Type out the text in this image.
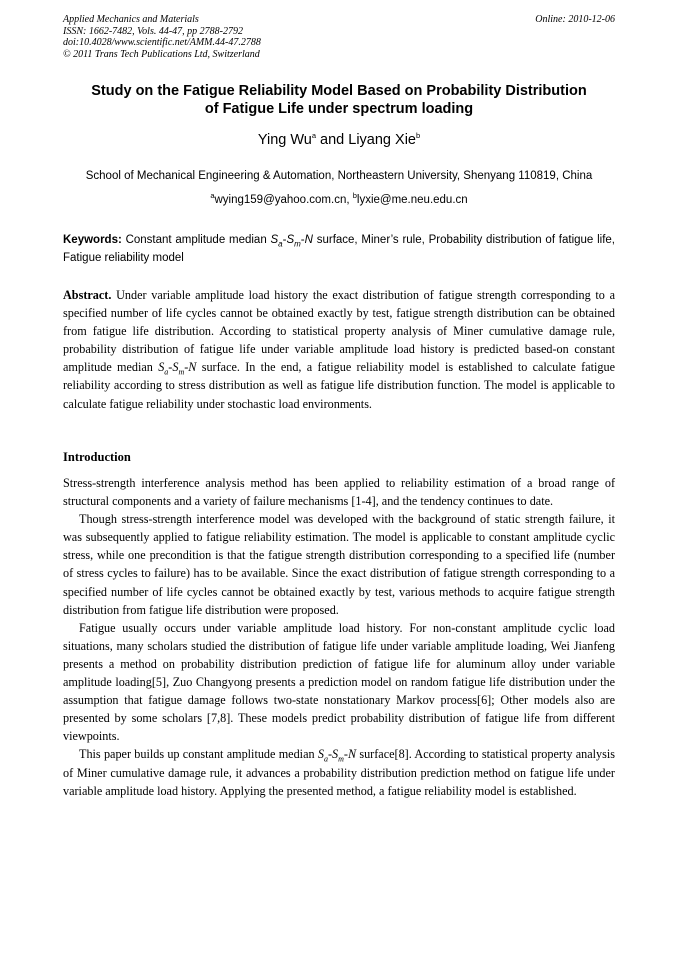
Online: 2010-12-06
Applied Mechanics and Materials
ISSN: 1662-7482, Vols. 44-47, pp 2788-2792
doi:10.4028/www.scientific.net/AMM.44-47.2788
© 2011 Trans Tech Publications Ltd, Switzerland
Study on the Fatigue Reliability Model Based on Probability Distribution
of Fatigue Life under spectrum loading
Ying Wu$^a$ and Liyang Xie$^b$
School of Mechanical Engineering & Automation, Northeastern University, Shenyang 110819, China
$^a$wying159@yahoo.com.cn, $^b$lyxie@me.neu.edu.cn
Keywords: Constant amplitude median $S_a-S_m-N$ surface, Miner’s rule, Probability distribution of fatigue life, Fatigue reliability model
Abstract. Under variable amplitude load history the exact distribution of fatigue strength corresponding to a specified number of life cycles cannot be obtained exactly by test, fatigue strength distribution can be obtained from fatigue life distribution. According to statistical property analysis of Miner cumulative damage rule, probability distribution of fatigue life under variable amplitude load history is predicted based-on constant amplitude median $S_a-S_m-N$ surface. In the end, a fatigue reliability model is established to calculate fatigue reliability according to stress distribution as well as fatigue life distribution function. The model is applicable to calculate fatigue reliability under stochastic load environments.
Introduction

Stress-strength interference analysis method has been applied to reliability estimation of a broad range of structural components and a variety of failure mechanisms [1-4], and the tendency continues to date.

Though stress-strength interference model was developed with the background of static strength failure, it was subsequently applied to fatigue reliability estimation. The model is applicable to constant amplitude cyclic stress, while one precondition is that the fatigue strength distribution corresponding to a specified life (number of stress cycles to failure) has to be available. Since the exact distribution of fatigue strength corresponding to a specified number of life cycles cannot be obtained exactly by test, various methods to acquire fatigue strength distribution from fatigue life distribution were proposed.

Fatigue usually occurs under variable amplitude load history. For non-constant amplitude cyclic load situations, many scholars studied the distribution of fatigue life under variable amplitude loading, Wei Jianfeng presents a method on probability distribution prediction of fatigue life for aluminum alloy under variable amplitude loading[5], Zuo Changyong presents a prediction model on random fatigue life distribution under the assumption that fatigue damage follows two-state nonstationary Markov process[6]; Other models also are presented by some scholars [7,8]. These models predict probability distribution of fatigue life from different viewpoints.

This paper builds up constant amplitude median $S_a-S_m-N$ surface[8]. According to statistical property analysis of Miner cumulative damage rule, it advances a probability distribution prediction method on fatigue life under variable amplitude load history. Applying the presented method, a fatigue reliability model is established.
